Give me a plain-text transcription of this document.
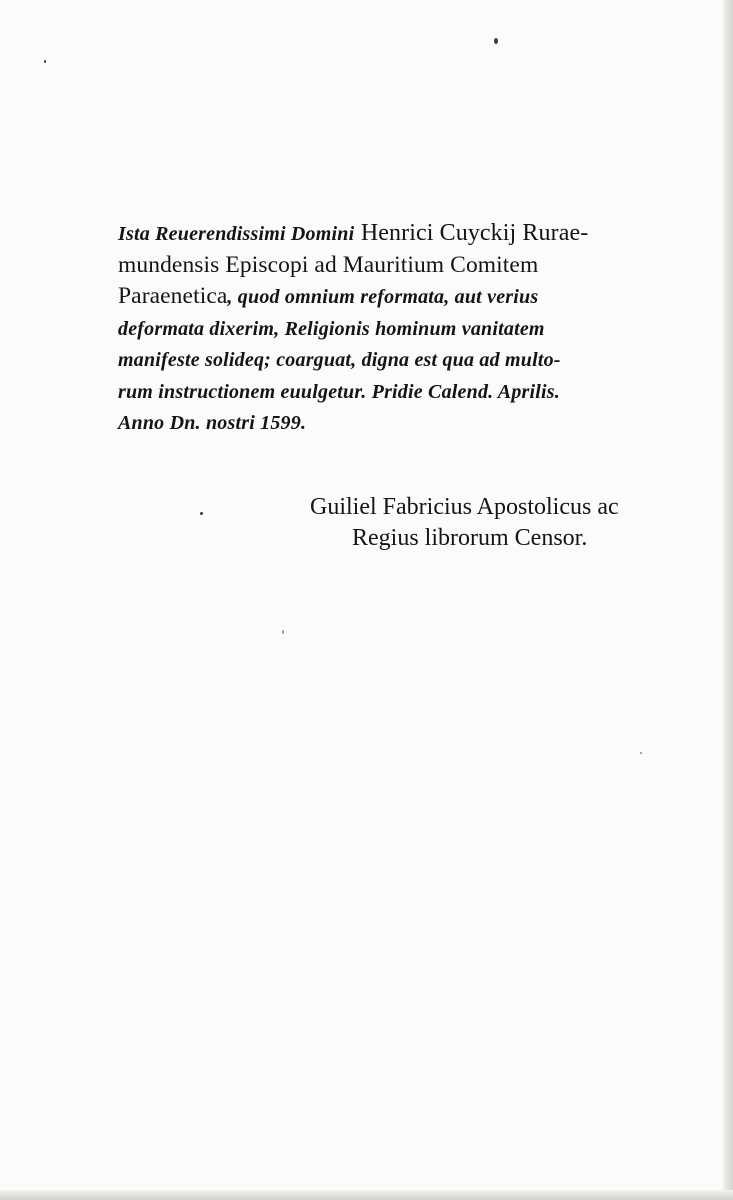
Ista Reuerendissimi Domini Henrici Cuyckij Rurae-
mundensis Episcopi ad Mauritium Comitem
Paraenetica, quod omnium reformata, aut verius
deformata dixerim, Religionis hominum vanitatem
manifeste solideq; coarguat, digna est qua ad multo-
rum instructionem euulgetur. Pridie Calend. Aprilis.
Anno Dn. nostri 1599.
Guiliel Fabricius Apostolicus ac
Regius librorum Censor.
